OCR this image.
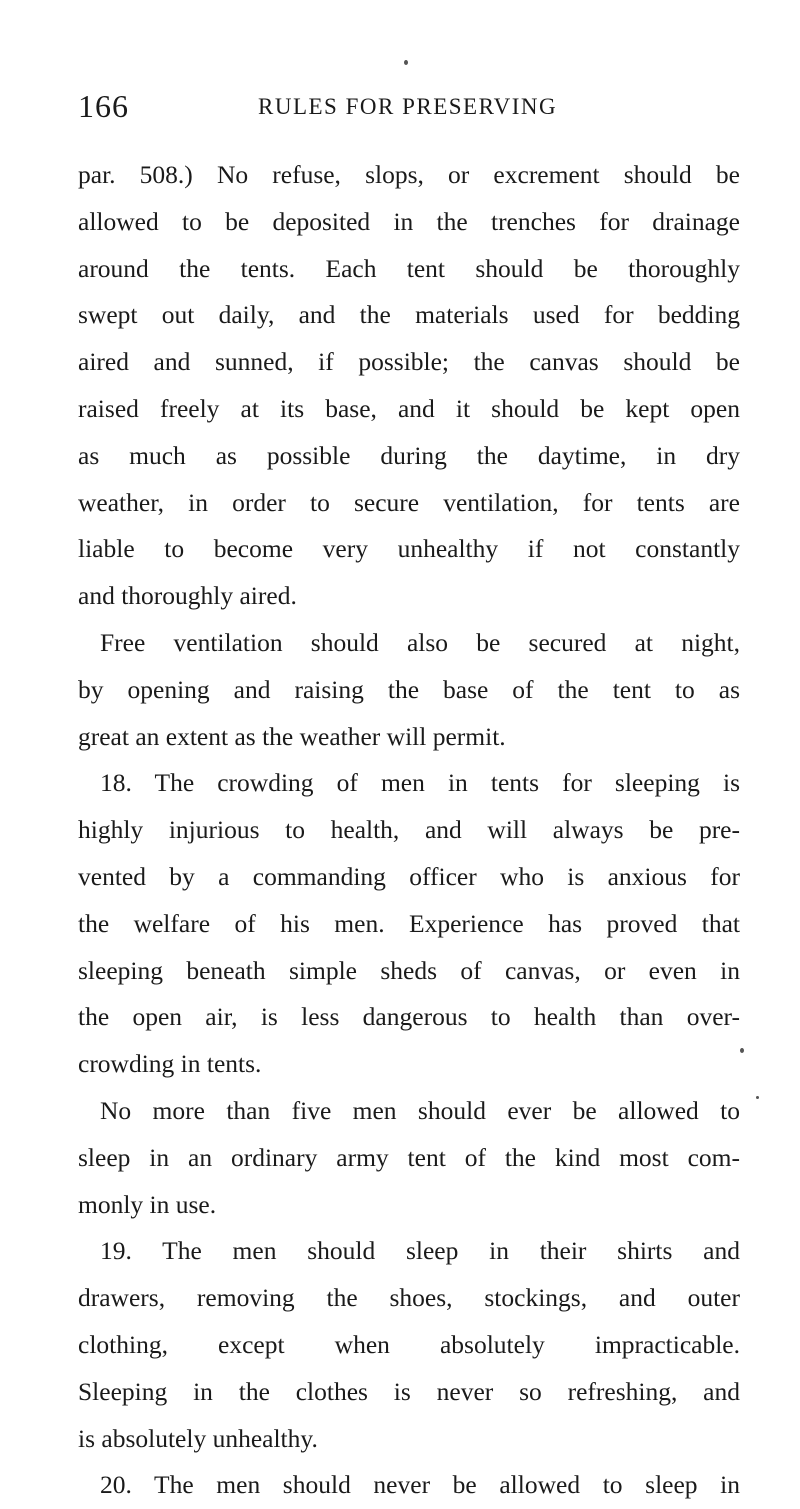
166	RULES FOR PRESERVING
par. 508.) No refuse, slops, or excrement should be
allowed to be deposited in the trenches for drainage
around the tents. Each tent should be thoroughly
swept out daily, and the materials used for bedding
aired and sunned, if possible; the canvas should be
raised freely at its base, and it should be kept open
as much as possible during the daytime, in dry
weather, in order to secure ventilation, for tents are
liable to become very unhealthy if not constantly
and thoroughly aired.
Free ventilation should also be secured at night,
by opening and raising the base of the tent to as
great an extent as the weather will permit.
18. The crowding of men in tents for sleeping is
highly injurious to health, and will always be pre-
vented by a commanding officer who is anxious for
the welfare of his men. Experience has proved that
sleeping beneath simple sheds of canvas, or even in
the open air, is less dangerous to health than over-
crowding in tents.
No more than five men should ever be allowed to
sleep in an ordinary army tent of the kind most com-
monly in use.
19. The men should sleep in their shirts and
drawers, removing the shoes, stockings, and outer
clothing, except when absolutely impracticable.
Sleeping in the clothes is never so refreshing, and
is absolutely unhealthy.
20. The men should never be allowed to sleep in
